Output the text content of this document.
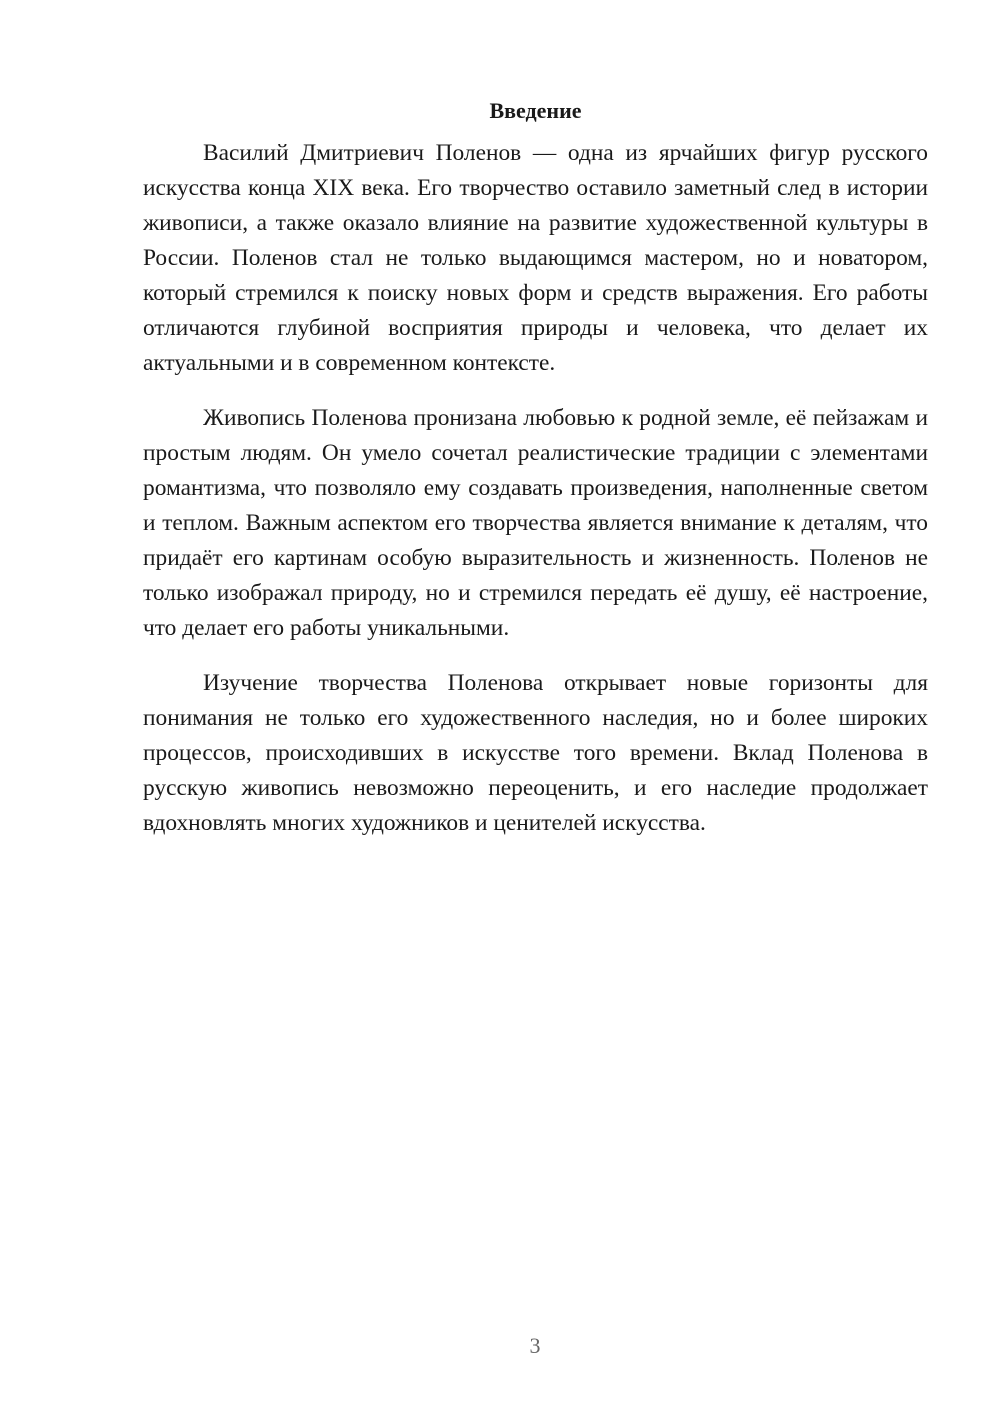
Введение

Василий Дмитриевич Поленов — одна из ярчайших фигур русского искусства конца XIX века. Его творчество оставило заметный след в истории живописи, а также оказало влияние на развитие художественной культуры в России. Поленов стал не только выдающимся мастером, но и новатором, который стремился к поиску новых форм и средств выражения. Его работы отличаются глубиной восприятия природы и человека, что делает их актуальными и в современном контексте.

Живопись Поленова пронизана любовью к родной земле, её пейзажам и простым людям. Он умело сочетал реалистические традиции с элементами романтизма, что позволяло ему создавать произведения, наполненные светом и теплом. Важным аспектом его творчества является внимание к деталям, что придаёт его картинам особую выразительность и жизненность. Поленов не только изображал природу, но и стремился передать её душу, её настроение, что делает его работы уникальными.

Изучение творчества Поленова открывает новые горизонты для понимания не только его художественного наследия, но и более широких процессов, происходивших в искусстве того времени. Вклад Поленова в русскую живопись невозможно переоценить, и его наследие продолжает вдохновлять многих художников и ценителей искусства.

3
